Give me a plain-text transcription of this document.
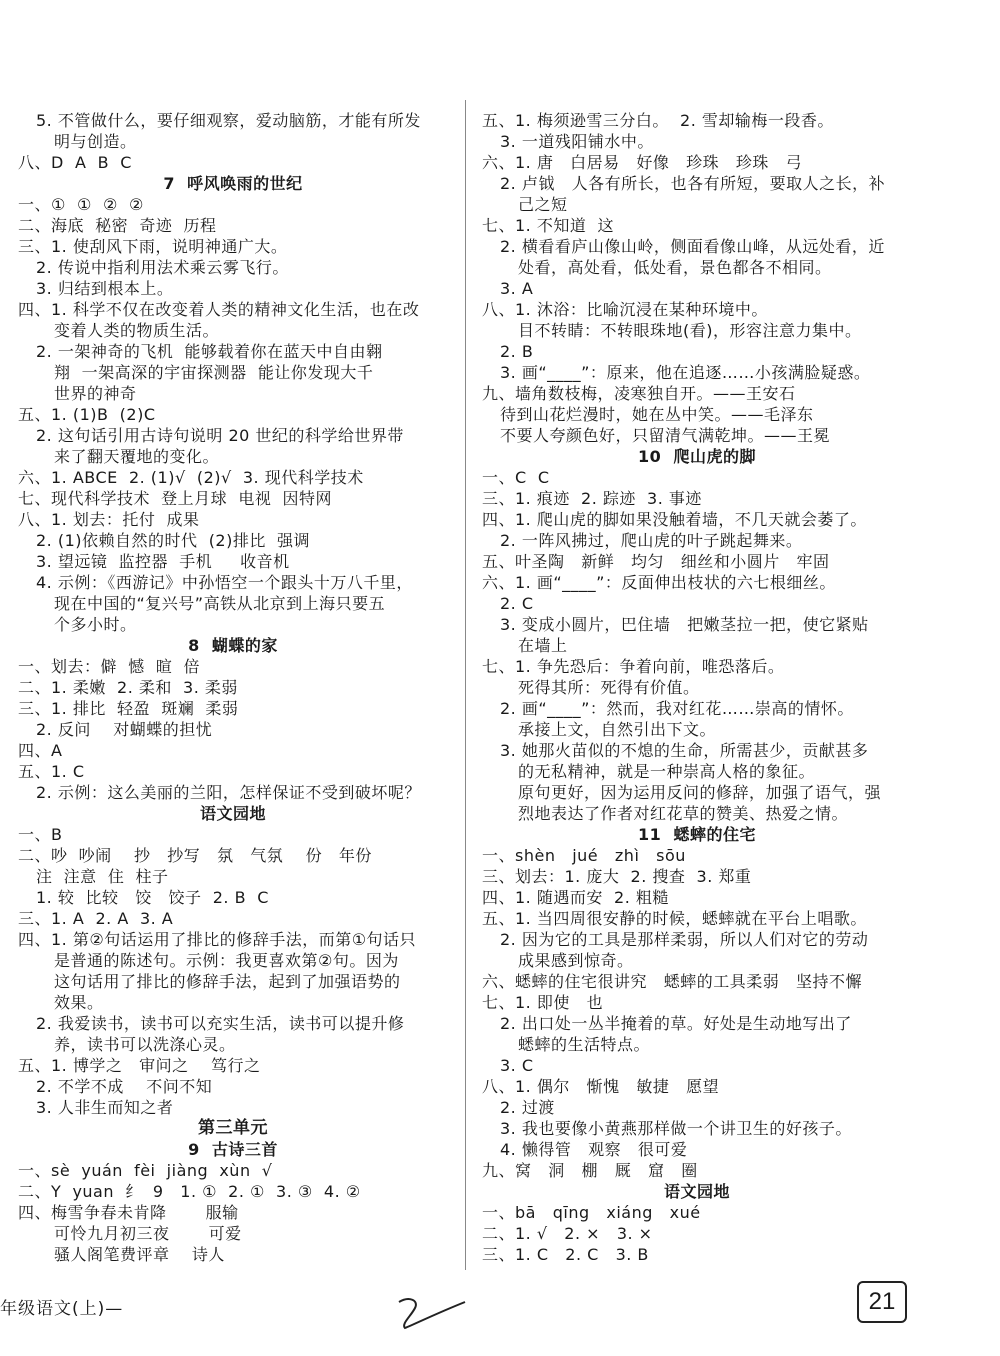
5. 不管做什么，要仔细观察，爱动脑筋，才能有所发
明与创造。
八、D  A  B  C
7  呼风唤雨的世纪
一、①  ①  ②  ②
二、海底  秘密  奇迹  历程
三、1. 使刮风下雨，说明神通广大。
2. 传说中指利用法术乘云雾飞行。
3. 归结到根本上。
四、1. 科学不仅在改变着人类的精神文化生活，也在改
变着人类的物质生活。
2. 一架神奇的飞机  能够载着你在蓝天中自由翱
翔  一架高深的宇宙探测器  能让你发现大千
世界的神奇
五、1. (1)B  (2)C
2. 这句话引用古诗句说明 20 世纪的科学给世界带
来了翻天覆地的变化。
六、1. ABCE  2. (1)√  (2)√  3. 现代科学技术
七、现代科学技术  登上月球  电视  因特网
八、1. 划去：托付  成果
2. (1)依赖自然的时代  (2)排比  强调
3. 望远镜  监控器  手机     收音机
4. 示例：《西游记》中孙悟空一个跟头十万八千里，
现在中国的“复兴号”高铁从北京到上海只要五
个多小时。
8  蝴蝶的家
一、划去：僻  憾  暄  倍
二、1. 柔嫩  2. 柔和  3. 柔弱
三、1. 排比  轻盈  斑斓  柔弱
2. 反问    对蝴蝶的担忧
四、A
五、1. C
2. 示例：这么美丽的兰阳，怎样保证不受到破坏呢？
语文园地
一、B
二、吵  吵闹    抄   抄写   氛   气氛    份   年份
注  注意  住  柱子
1. 较  比较   饺   饺子  2. B  C
三、1. A  2. A  3. A
四、1. 第②句话运用了排比的修辞手法，而第①句话只
是普通的陈述句。示例：我更喜欢第②句。因为
这句话用了排比的修辞手法，起到了加强语势的
效果。
2. 我爱读书，读书可以充实生活，读书可以提升修
养，读书可以洗涤心灵。
五、1. 博学之   审问之    笃行之
2. 不学不成    不问不知
3. 人非生而知之者
第三单元
9  古诗三首
一、sè  yuán  fèi  jiàng  xùn  √
二、Y  yuan  纟  9   1. ①  2. ①  3. ③  4. ②
四、梅雪争春未肯降       服输
可怜九月初三夜       可爱
骚人阁笔费评章    诗人
五、1. 梅须逊雪三分白。  2. 雪却输梅一段香。
3. 一道残阳铺水中。
六、1. 唐   白居易   好像   珍珠   珍珠   弓
2. 卢钺   人各有所长，也各有所短，要取人之长，补
己之短
七、1. 不知道  这
2. 横看看庐山像山岭，侧面看像山峰，从远处看，近
处看，高处看，低处看，景色都各不相同。
3. A
八、1. 沐浴：比喻沉浸在某种环境中。
目不转睛：不转眼珠地(看)，形容注意力集中。
2. B
3. 画“____”：原来，他在追逐……小孩满脸疑惑。
九、墙角数枝梅，凌寒独自开。——王安石
待到山花烂漫时，她在丛中笑。——毛泽东
不要人夸颜色好，只留清气满乾坤。——王冕
10  爬山虎的脚
一、C  C
三、1. 痕迹  2. 踪迹  3. 事迹
四、1. 爬山虎的脚如果没触着墙，不几天就会萎了。
2. 一阵风拂过，爬山虎的叶子跳起舞来。
五、叶圣陶   新鲜   均匀   细丝和小圆片   牢固
六、1. 画“____”：反面伸出枝状的六七根细丝。
2. C
3. 变成小圆片，巴住墙   把嫩茎拉一把，使它紧贴
在墙上
七、1. 争先恐后：争着向前，唯恐落后。
死得其所：死得有价值。
2. 画“____”：然而，我对红花……崇高的情怀。
承接上文，自然引出下文。
3. 她那火苗似的不熄的生命，所需甚少，贡献甚多
的无私精神，就是一种崇高人格的象征。
原句更好，因为运用反问的修辞，加强了语气，强
烈地表达了作者对红花草的赞美、热爱之情。
11  蟋蟀的住宅
一、shèn   jué   zhì   sōu
三、划去：1. 庞大  2. 搜查  3. 郑重
四、1. 随遇而安  2. 粗糙
五、1. 当四周很安静的时候，蟋蟀就在平台上唱歌。
2. 因为它的工具是那样柔弱，所以人们对它的劳动
成果感到惊奇。
六、蟋蟀的住宅很讲究   蟋蟀的工具柔弱   坚持不懈
七、1. 即使   也
2. 出口处一丛半掩着的草。好处是生动地写出了
蟋蟀的生活特点。
3. C
八、1. 偶尔   惭愧   敏捷   愿望
2. 过渡
3. 我也要像小黄燕那样做一个讲卫生的好孩子。
4. 懒得管   观察   很可爱
九、窝   洞   棚   厩   窟   圈
语文园地
一、bā   qīng   xiáng   xué
二、1. √   2. ×   3. ×
三、1. C   2. C   3. B
年级语文(上)—	21
